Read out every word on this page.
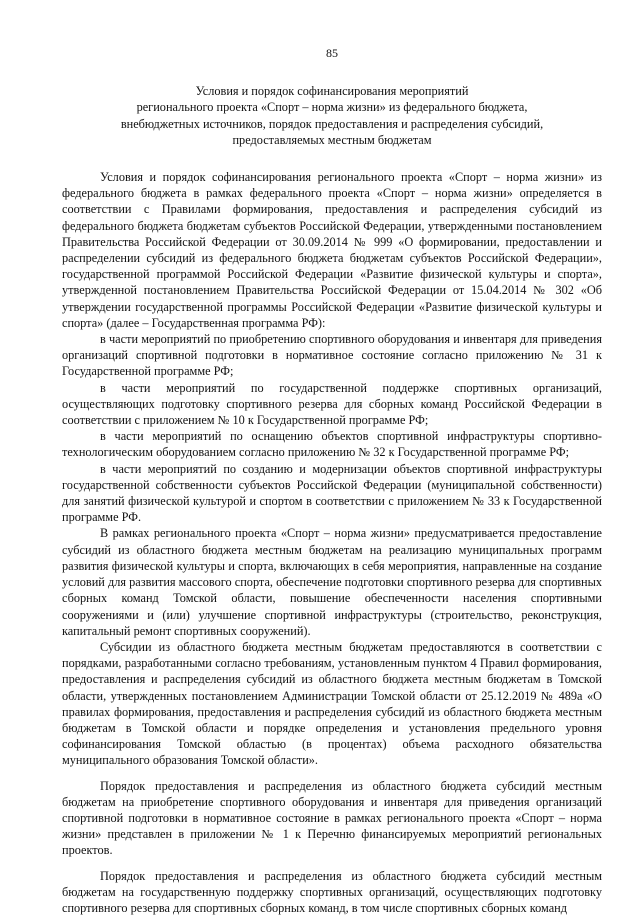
85
Условия и порядок софинансирования мероприятий
регионального проекта «Спорт – норма жизни» из федерального бюджета,
внебюджетных источников, порядок предоставления и распределения субсидий,
предоставляемых местным бюджетам

Условия и порядок софинансирования регионального проекта «Спорт – норма жизни» из федерального бюджета в рамках федерального проекта «Спорт – норма жизни» определяется в соответствии с Правилами формирования, предоставления и распределения субсидий из федерального бюджета бюджетам субъектов Российской Федерации, утвержденными постановлением Правительства Российской Федерации от 30.09.2014 № 999 «О формировании, предоставлении и распределении субсидий из федерального бюджета бюджетам субъектов Российской Федерации», государственной программой Российской Федерации «Развитие физической культуры и спорта», утвержденной постановлением Правительства Российской Федерации от 15.04.2014 № 302 «Об утверждении государственной программы Российской Федерации «Развитие физической культуры и спорта» (далее – Государственная программа РФ):

в части мероприятий по приобретению спортивного оборудования и инвентаря для приведения организаций спортивной подготовки в нормативное состояние согласно приложению № 31 к Государственной программе РФ;

в части мероприятий по государственной поддержке спортивных организаций, осуществляющих подготовку спортивного резерва для сборных команд Российской Федерации в соответствии с приложением № 10 к Государственной программе РФ;

в части мероприятий по оснащению объектов спортивной инфраструктуры спортивно-технологическим оборудованием согласно приложению № 32 к Государственной программе РФ;

в части мероприятий по созданию и модернизации объектов спортивной инфраструктуры государственной собственности субъектов Российской Федерации (муниципальной собственности) для занятий физической культурой и спортом в соответствии с приложением № 33 к Государственной программе РФ.

В рамках регионального проекта «Спорт – норма жизни» предусматривается предоставление субсидий из областного бюджета местным бюджетам на реализацию муниципальных программ развития физической культуры и спорта, включающих в себя мероприятия, направленные на создание условий для развития массового спорта, обеспечение подготовки спортивного резерва для спортивных сборных команд Томской области, повышение обеспеченности населения спортивными сооружениями и (или) улучшение спортивной инфраструктуры (строительство, реконструкция, капитальный ремонт спортивных сооружений).

Субсидии из областного бюджета местным бюджетам предоставляются в соответствии с порядками, разработанными согласно требованиям, установленным пунктом 4 Правил формирования, предоставления и распределения субсидий из областного бюджета местным бюджетам в Томской области, утвержденных постановлением Администрации Томской области от 25.12.2019 № 489а «О правилах формирования, предоставления и распределения субсидий из областного бюджета местным бюджетам в Томской области и порядке определения и установления предельного уровня софинансирования Томской областью (в процентах) объема расходного обязательства муниципального образования Томской области».

Порядок предоставления и распределения из областного бюджета субсидий местным бюджетам на приобретение спортивного оборудования и инвентаря для приведения организаций спортивной подготовки в нормативное состояние в рамках регионального проекта «Спорт – норма жизни» представлен в приложении № 1 к Перечню финансируемых мероприятий региональных проектов.

Порядок предоставления и распределения из областного бюджета субсидий местным бюджетам на государственную поддержку спортивных организаций, осуществляющих подготовку спортивного резерва для спортивных сборных команд, в том числе спортивных сборных команд
